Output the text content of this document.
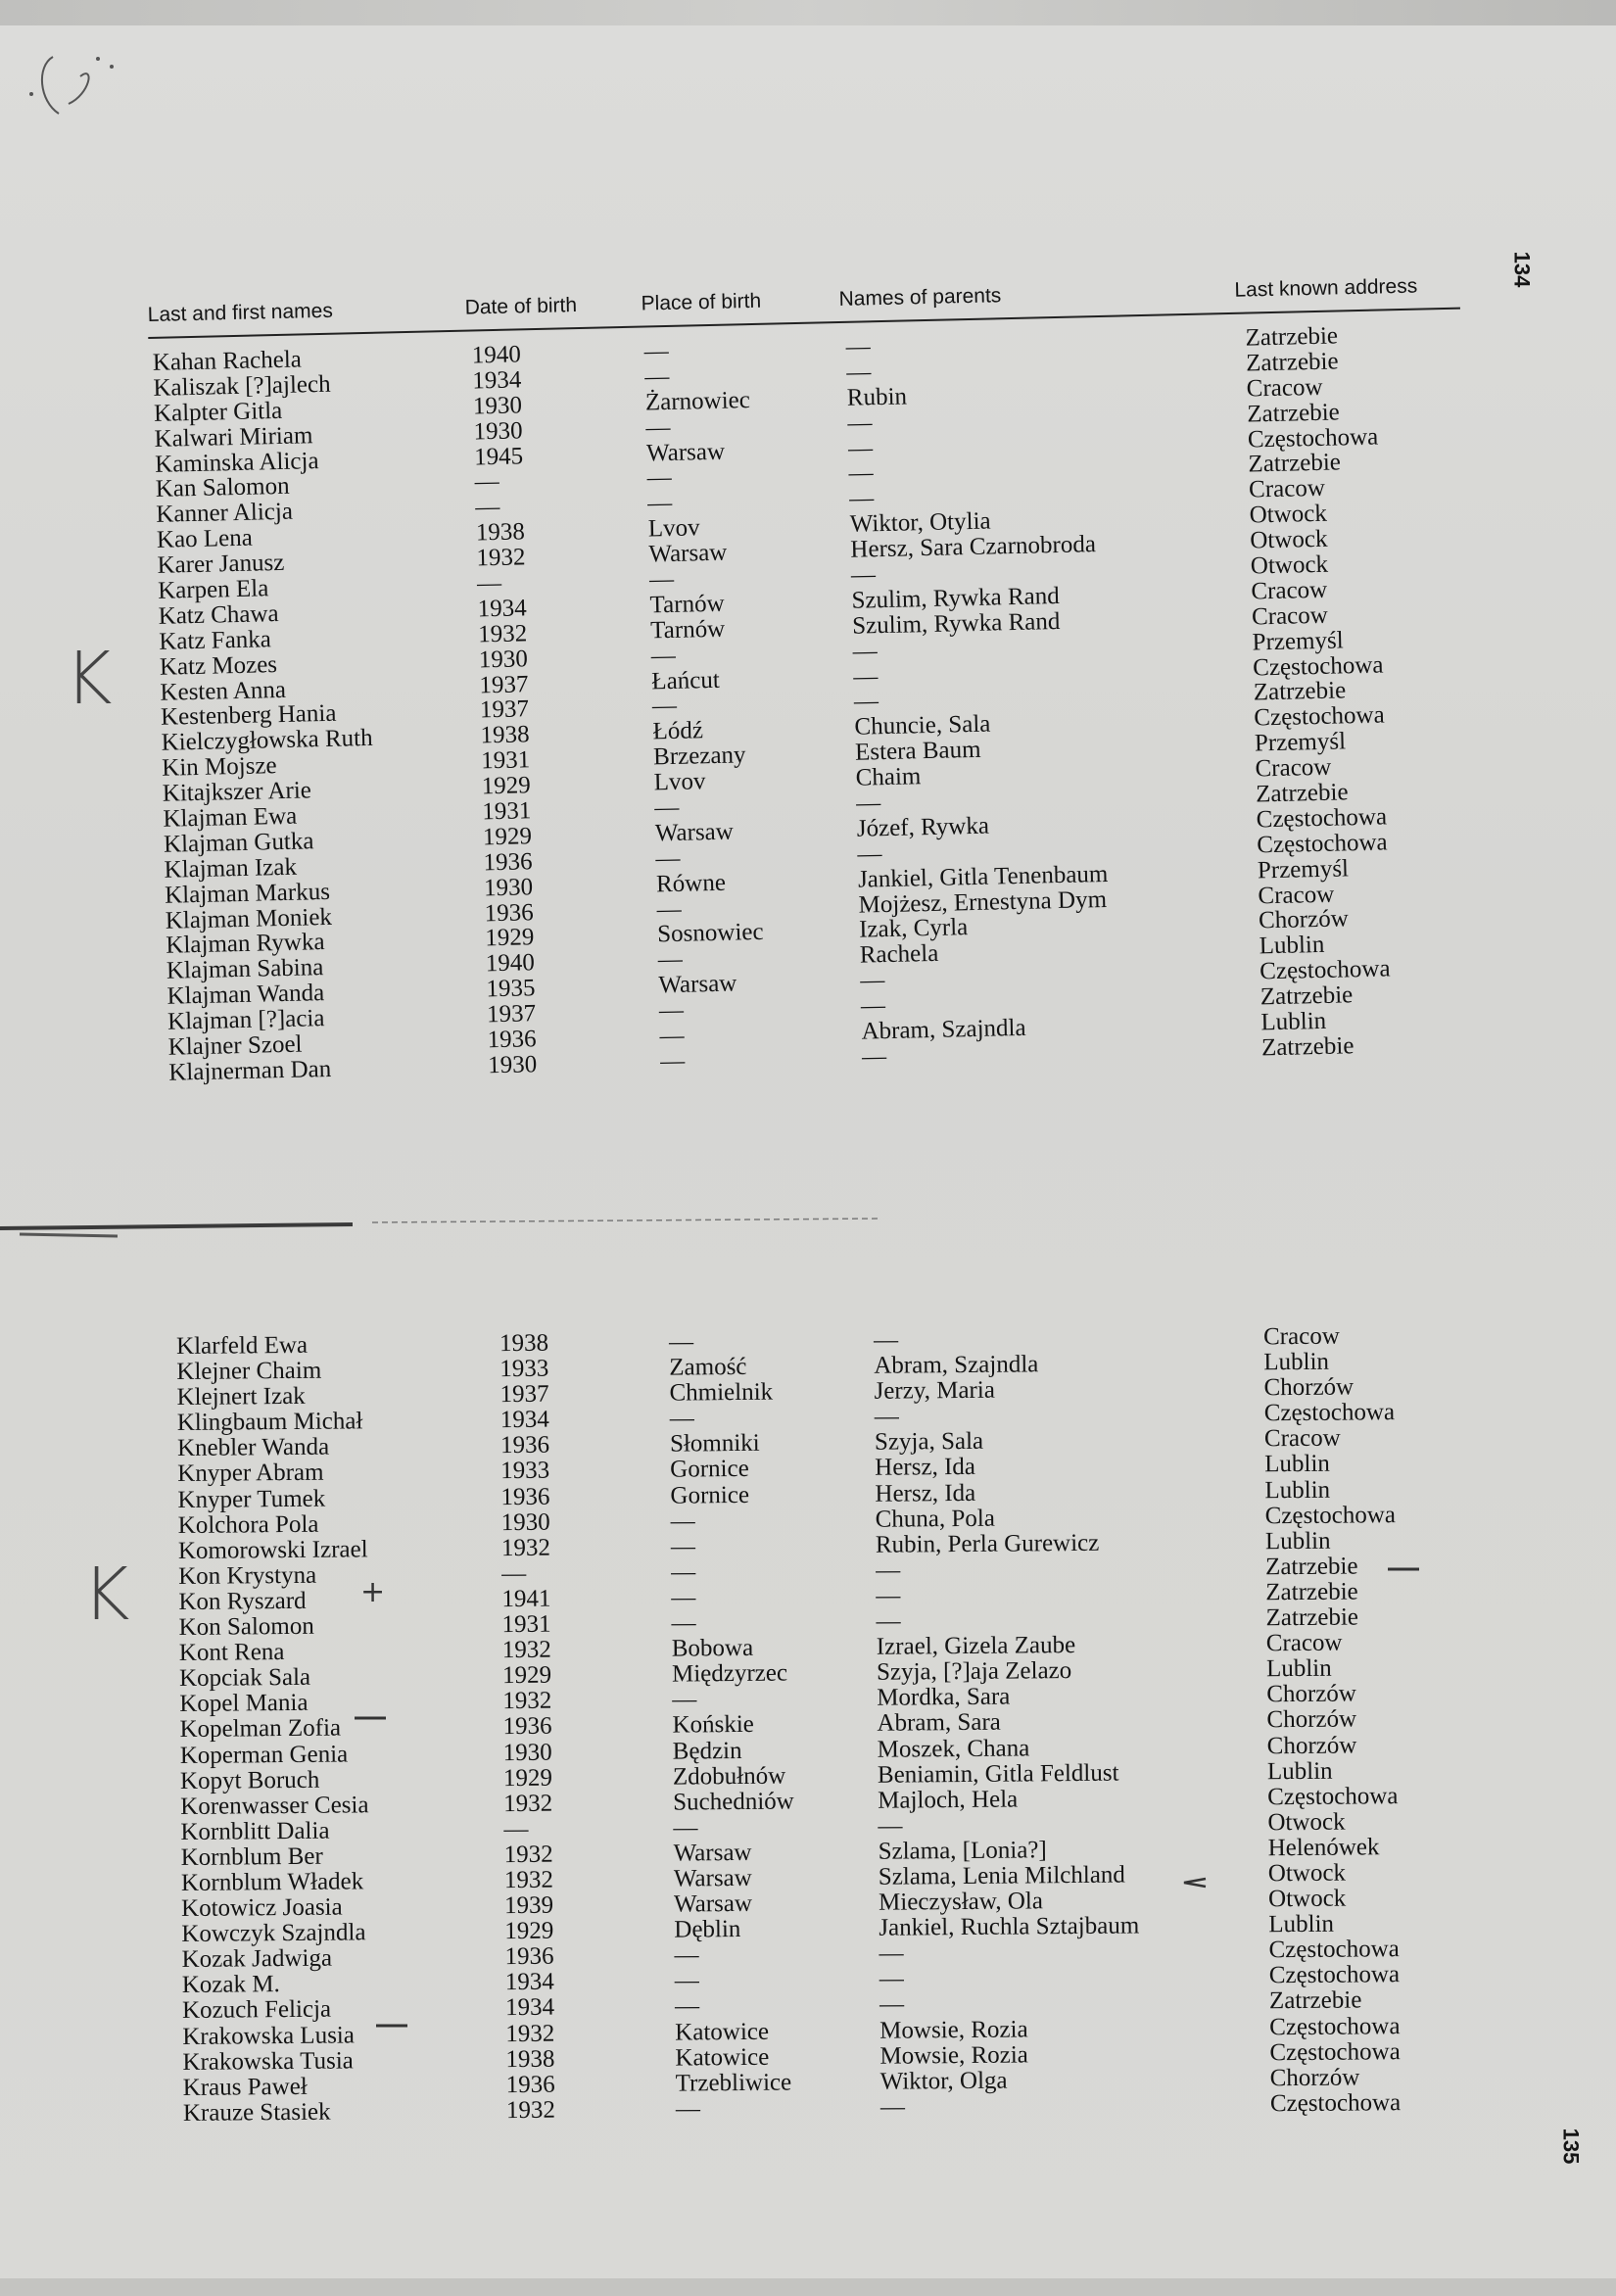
K
K
134
135
Last and first names	Date of birth	Place of birth	Names of parents	Last known address
Kahan Rachela	1940	—	—	Zatrzebie
Kaliszak [?]ajlech	1934	—	—	Zatrzebie
Kalpter Gitla	1930	Żarnowiec	Rubin	Cracow
Kalwari Miriam	1930	—	—	Zatrzebie
Kaminska Alicja	1945	Warsaw	—	Częstochowa
Kan Salomon	—	—	—	Zatrzebie
Kanner Alicja	—	—	—	Cracow
Kao Lena	1938	Lvov	Wiktor, Otylia	Otwock
Karer Janusz	1932	Warsaw	Hersz, Sara Czarnobroda	Otwock
Karpen Ela	—	—	—	Otwock
Katz Chawa	1934	Tarnów	Szulim, Rywka Rand	Cracow
Katz Fanka	1932	Tarnów	Szulim, Rywka Rand	Cracow
Katz Mozes	1930	—	—	Przemyśl
Kesten Anna	1937	Łańcut	—	Częstochowa
Kestenberg Hania	1937	—	—	Zatrzebie
Kielczygłowska Ruth	1938	Łódź	Chuncie, Sala	Częstochowa
Kin Mojsze	1931	Brzezany	Estera Baum	Przemyśl
Kitajkszer Arie	1929	Lvov	Chaim	Cracow
Klajman Ewa	1931	—	—	Zatrzebie
Klajman Gutka	1929	Warsaw	Józef, Rywka	Częstochowa
Klajman Izak	1936	—	—	Częstochowa
Klajman Markus	1930	Równe	Jankiel, Gitla Tenenbaum	Przemyśl
Klajman Moniek	1936	—	Mojżesz, Ernestyna Dym	Cracow
Klajman Rywka	1929	Sosnowiec	Izak, Cyrla	Chorzów
Klajman Sabina	1940	—	Rachela	Lublin
Klajman Wanda	1935	Warsaw	—	Częstochowa
Klajman [?]acia	1937	—	—	Zatrzebie
Klajner Szoel	1936	—	Abram, Szajndla	Lublin
Klajnerman Dan	1930	—	—	Zatrzebie
Klarfeld Ewa	1938	—	—	Cracow
Klejner Chaim	1933	Zamość	Abram, Szajndla	Lublin
Klejnert Izak	1937	Chmielnik	Jerzy, Maria	Chorzów
Klingbaum Michał	1934	—	—	Częstochowa
Knebler Wanda	1936	Słomniki	Szyja, Sala	Cracow
Knyper Abram	1933	Gornice	Hersz, Ida	Lublin
Knyper Tumek	1936	Gornice	Hersz, Ida	Lublin
Kolchora Pola	1930	—	Chuna, Pola	Częstochowa
Komorowski Izrael	1932	—	Rubin, Perla Gurewicz	Lublin
Kon Krystyna	—	—	—	Zatrzebie
Kon Ryszard	1941	—	—	Zatrzebie
Kon Salomon	1931	—	—	Zatrzebie
Kont Rena	1932	Bobowa	Izrael, Gizela Zaube	Cracow
Kopciak Sala	1929	Międzyrzec	Szyja, [?]aja Zelazo	Lublin
Kopel Mania	1932	—	Mordka, Sara	Chorzów
Kopelman Zofia	1936	Końskie	Abram, Sara	Chorzów
Koperman Genia	1930	Będzin	Moszek, Chana	Chorzów
Kopyt Boruch	1929	Zdobułnów	Beniamin, Gitla Feldlust	Lublin
Korenwasser Cesia	1932	Suchedniów	Majloch, Hela	Częstochowa
Kornblitt Dalia	—	—	—	Otwock
Kornblum Ber	1932	Warsaw	Szlama, [Lonia?]	Helenówek
Kornblum Władek	1932	Warsaw	Szlama, Lenia Milchland	Otwock
Kotowicz Joasia	1939	Warsaw	Mieczysław, Ola	Otwock
Kowczyk Szajndla	1929	Dęblin	Jankiel, Ruchla Sztajbaum	Lublin
Kozak Jadwiga	1936	—	—	Częstochowa
Kozak M.	1934	—	—	Częstochowa
Kozuch Felicja	1934	—	—	Zatrzebie
Krakowska Lusia	1932	Katowice	Mowsie, Rozia	Częstochowa
Krakowska Tusia	1938	Katowice	Mowsie, Rozia	Częstochowa
Kraus Paweł	1936	Trzebliwice	Wiktor, Olga	Chorzów
Krauze Stasiek	1932	—	—	Częstochowa
+
